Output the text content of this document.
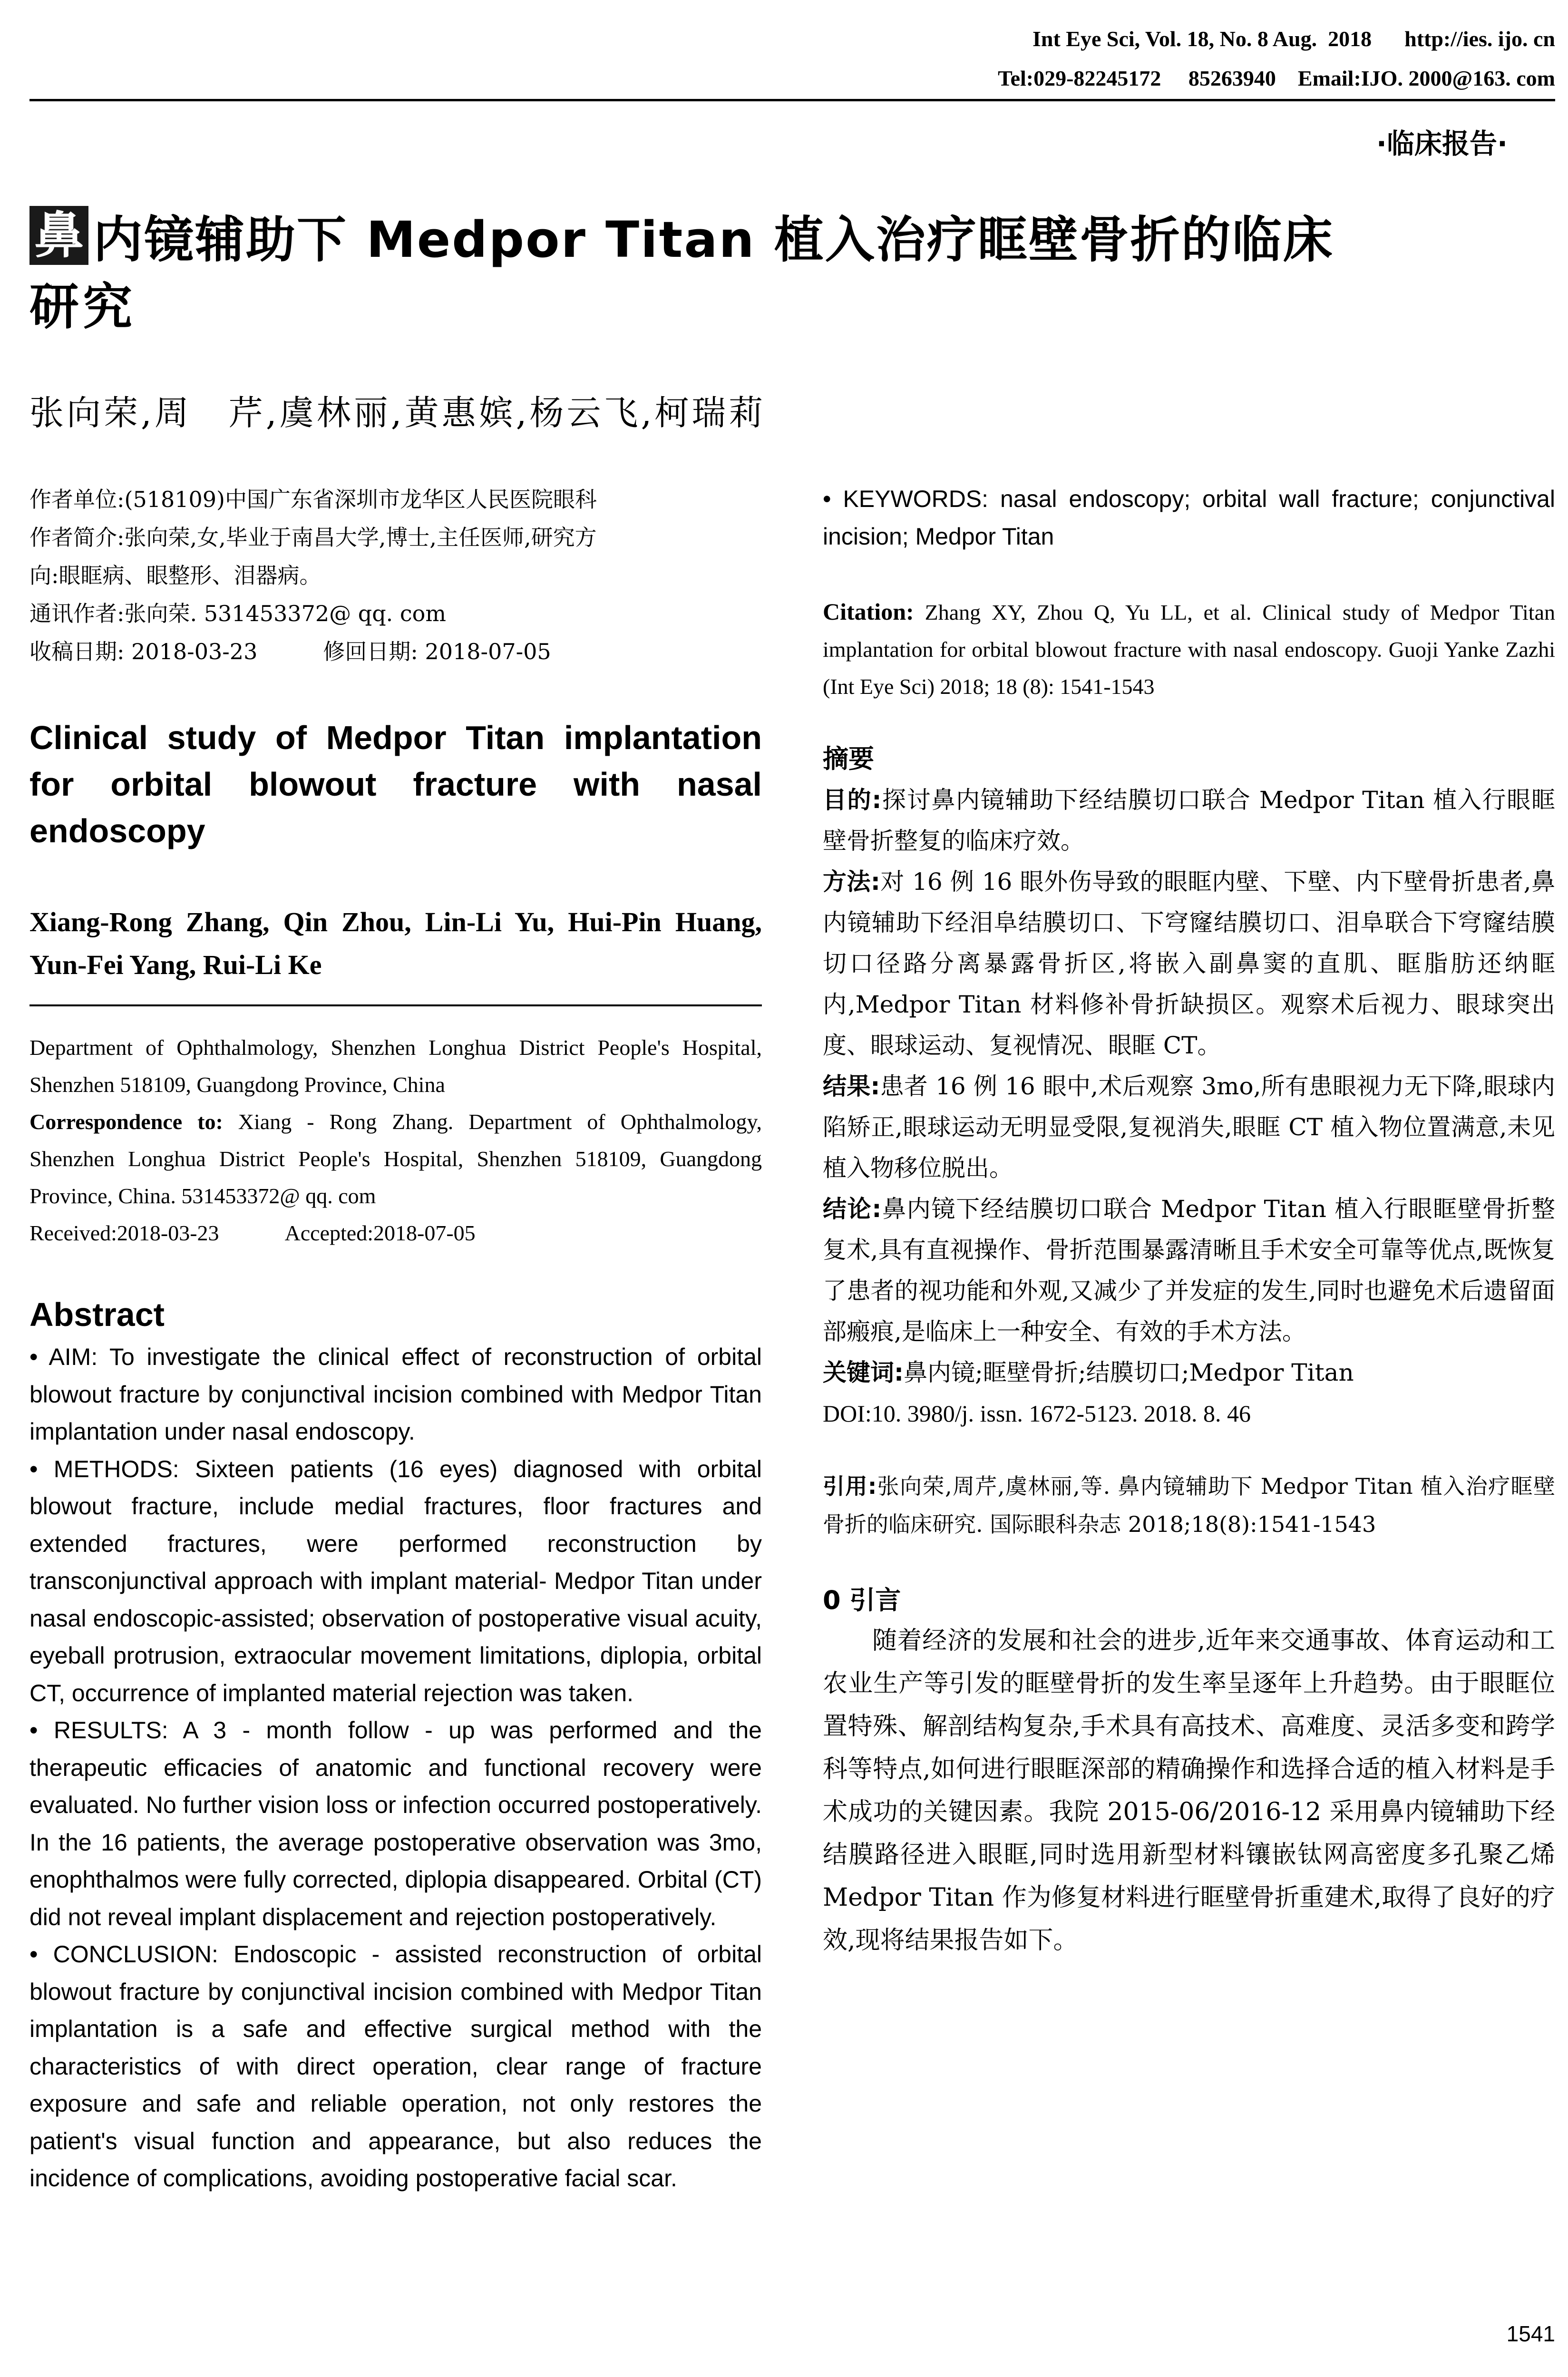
Int Eye Sci, Vol. 18, No. 8 Aug.  2018      http://ies. ijo. cn
Tel:029-82245172     85263940    Email:IJO. 2000@163. com
·临床报告·
鼻 内镜辅助下 Medpor Titan 植入治疗眶壁骨折的临床
研究
张向荣,周　芹,虞林丽,黄惠嫔,杨云飞,柯瑞莉

作者单位:(518109)中国广东省深圳市龙华区人民医院眼科

作者简介:张向荣,女,毕业于南昌大学,博士,主任医师,研究方

向:眼眶病、眼整形、泪器病。

通讯作者:张向荣. 531453372@ qq. com

收稿日期: 2018-03-23　　　修回日期: 2018-07-05

Clinical study of Medpor Titan implantation for orbital blowout fracture with nasal endoscopy
Xiang-Rong Zhang, Qin Zhou, Lin-Li Yu, Hui-Pin Huang, Yun-Fei Yang, Rui-Li Ke

Department of Ophthalmology, Shenzhen Longhua District People's Hospital, Shenzhen 518109, Guangdong Province, China

Correspondence to: Xiang - Rong Zhang. Department of Ophthalmology, Shenzhen Longhua District People's Hospital, Shenzhen 518109, Guangdong Province, China. 531453372@ qq. com

Received:2018-03-23　　　Accepted:2018-07-05

Abstract

• AIM: To investigate the clinical effect of reconstruction of orbital blowout fracture by conjunctival incision combined with Medpor Titan implantation under nasal endoscopy.

• METHODS: Sixteen patients (16 eyes) diagnosed with orbital blowout fracture, include medial fractures, floor fractures and extended fractures, were performed reconstruction by transconjunctival approach with implant material- Medpor Titan under nasal endoscopic-assisted; observation of postoperative visual acuity, eyeball protrusion, extraocular movement limitations, diplopia, orbital CT, occurrence of implanted material rejection was taken.

• RESULTS: A 3 - month follow - up was performed and the therapeutic efficacies of anatomic and functional recovery were evaluated. No further vision loss or infection occurred postoperatively. In the 16 patients, the average postoperative observation was 3mo, enophthalmos were fully corrected, diplopia disappeared. Orbital (CT) did not reveal implant displacement and rejection postoperatively.

• CONCLUSION: Endoscopic - assisted reconstruction of orbital blowout fracture by conjunctival incision combined with Medpor Titan implantation is a safe and effective surgical method with the characteristics of with direct operation, clear range of fracture exposure and safe and reliable operation, not only restores the patient's visual function and appearance, but also reduces the incidence of complications, avoiding postoperative facial scar.

• KEYWORDS: nasal endoscopy; orbital wall fracture; conjunctival incision; Medpor Titan

Citation: Zhang XY, Zhou Q, Yu LL, et al. Clinical study of Medpor Titan implantation for orbital blowout fracture with nasal endoscopy. Guoji Yanke Zazhi (Int Eye Sci) 2018; 18 (8): 1541-1543
摘要

目的:探讨鼻内镜辅助下经结膜切口联合 Medpor Titan 植入行眼眶壁骨折整复的临床疗效。

方法:对 16 例 16 眼外伤导致的眼眶内壁、下壁、内下壁骨折患者,鼻内镜辅助下经泪阜结膜切口、下穹窿结膜切口、泪阜联合下穹窿结膜切口径路分离暴露骨折区,将嵌入副鼻窦的直肌、眶脂肪还纳眶内,Medpor Titan 材料修补骨折缺损区。观察术后视力、眼球突出度、眼球运动、复视情况、眼眶 CT。

结果:患者 16 例 16 眼中,术后观察 3mo,所有患眼视力无下降,眼球内陷矫正,眼球运动无明显受限,复视消失,眼眶 CT 植入物位置满意,未见植入物移位脱出。

结论:鼻内镜下经结膜切口联合 Medpor Titan 植入行眼眶壁骨折整复术,具有直视操作、骨折范围暴露清晰且手术安全可靠等优点,既恢复了患者的视功能和外观,又减少了并发症的发生,同时也避免术后遗留面部瘢痕,是临床上一种安全、有效的手术方法。

关键词:鼻内镜;眶壁骨折;结膜切口;Medpor Titan

DOI:10. 3980/j. issn. 1672-5123. 2018. 8. 46

引用:张向荣,周芹,虞林丽,等. 鼻内镜辅助下 Medpor Titan 植入治疗眶壁骨折的临床研究. 国际眼科杂志 2018;18(8):1541-1543
0 引言
随着经济的发展和社会的进步,近年来交通事故、体育运动和工农业生产等引发的眶壁骨折的发生率呈逐年上升趋势。由于眼眶位置特殊、解剖结构复杂,手术具有高技术、高难度、灵活多变和跨学科等特点,如何进行眼眶深部的精确操作和选择合适的植入材料是手术成功的关键因素。我院 2015-06/2016-12 采用鼻内镜辅助下经结膜路径进入眼眶,同时选用新型材料镶嵌钛网高密度多孔聚乙烯 Medpor Titan 作为修复材料进行眶壁骨折重建术,取得了良好的疗效,现将结果报告如下。
1541
